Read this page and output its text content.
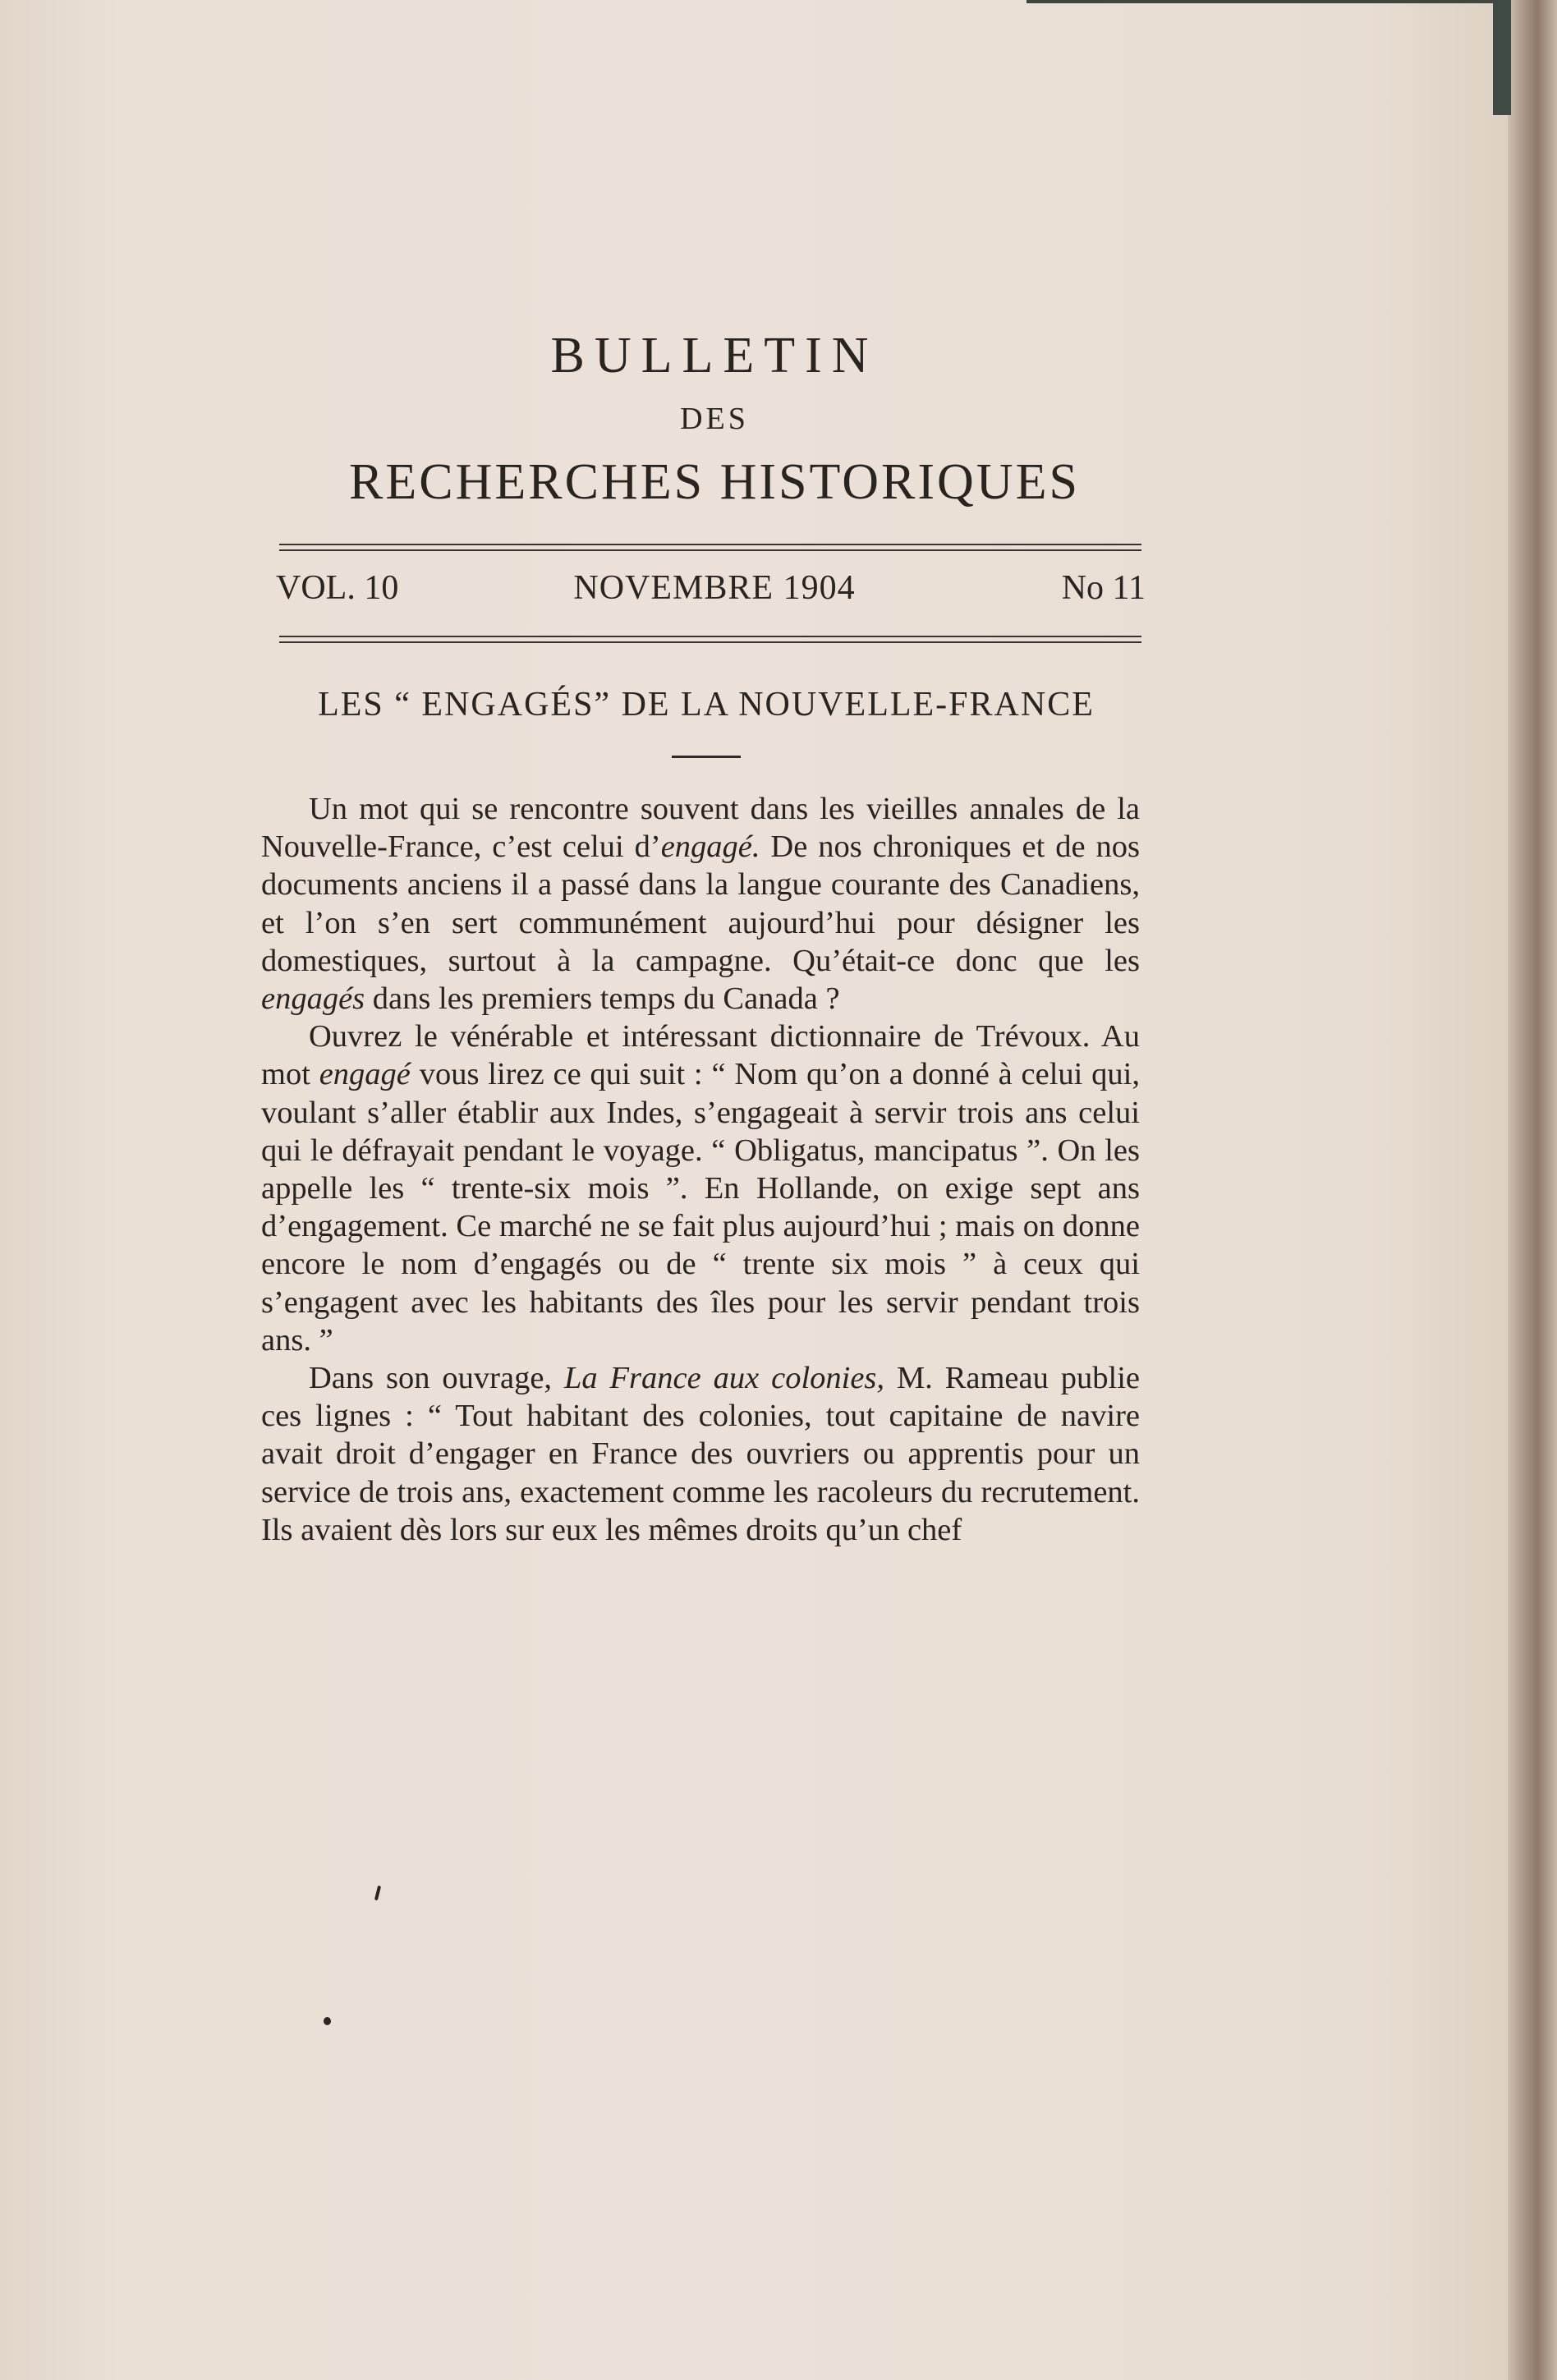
BULLETIN
DES
RECHERCHES HISTORIQUES
VOL. 10	NOVEMBRE 1904	No 11
LES “ ENGAGÉS” DE LA NOUVELLE-FRANCE

Un mot qui se rencontre souvent dans les vieilles annales de la Nouvelle-France, c’est celui d’engagé. De nos chroniques et de nos documents anciens il a passé dans la langue courante des Canadiens, et l’on s’en sert communément aujourd’hui pour désigner les domestiques, surtout à la campagne. Qu’était-ce donc que les engagés dans les premiers temps du Canada ?

Ouvrez le vénérable et intéressant dictionnaire de Trévoux. Au mot engagé vous lirez ce qui suit : “ Nom qu’on a donné à celui qui, voulant s’aller établir aux Indes, s’engageait à servir trois ans celui qui le défrayait pendant le voyage. “ Obligatus, mancipatus ”. On les appelle les “ trente-six mois ”. En Hollande, on exige sept ans d’engagement. Ce marché ne se fait plus aujourd’hui ; mais on donne encore le nom d’engagés ou de “ trente six mois ” à ceux qui s’engagent avec les habitants des îles pour les servir pendant trois ans. ”

Dans son ouvrage, La France aux colonies, M. Rameau publie ces lignes : “ Tout habitant des colonies, tout capitaine de navire avait droit d’engager en France des ouvriers ou apprentis pour un service de trois ans, exactement comme les racoleurs du recrutement. Ils avaient dès lors sur eux les mêmes droits qu’un chef
